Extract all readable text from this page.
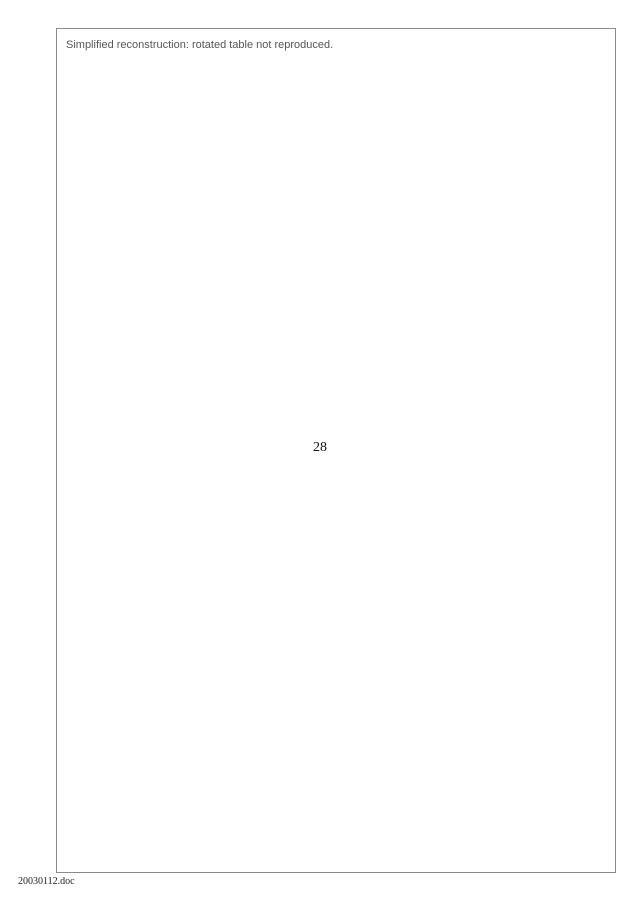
Simplified reconstruction: rotated table not reproduced.
28
20030112.doc
